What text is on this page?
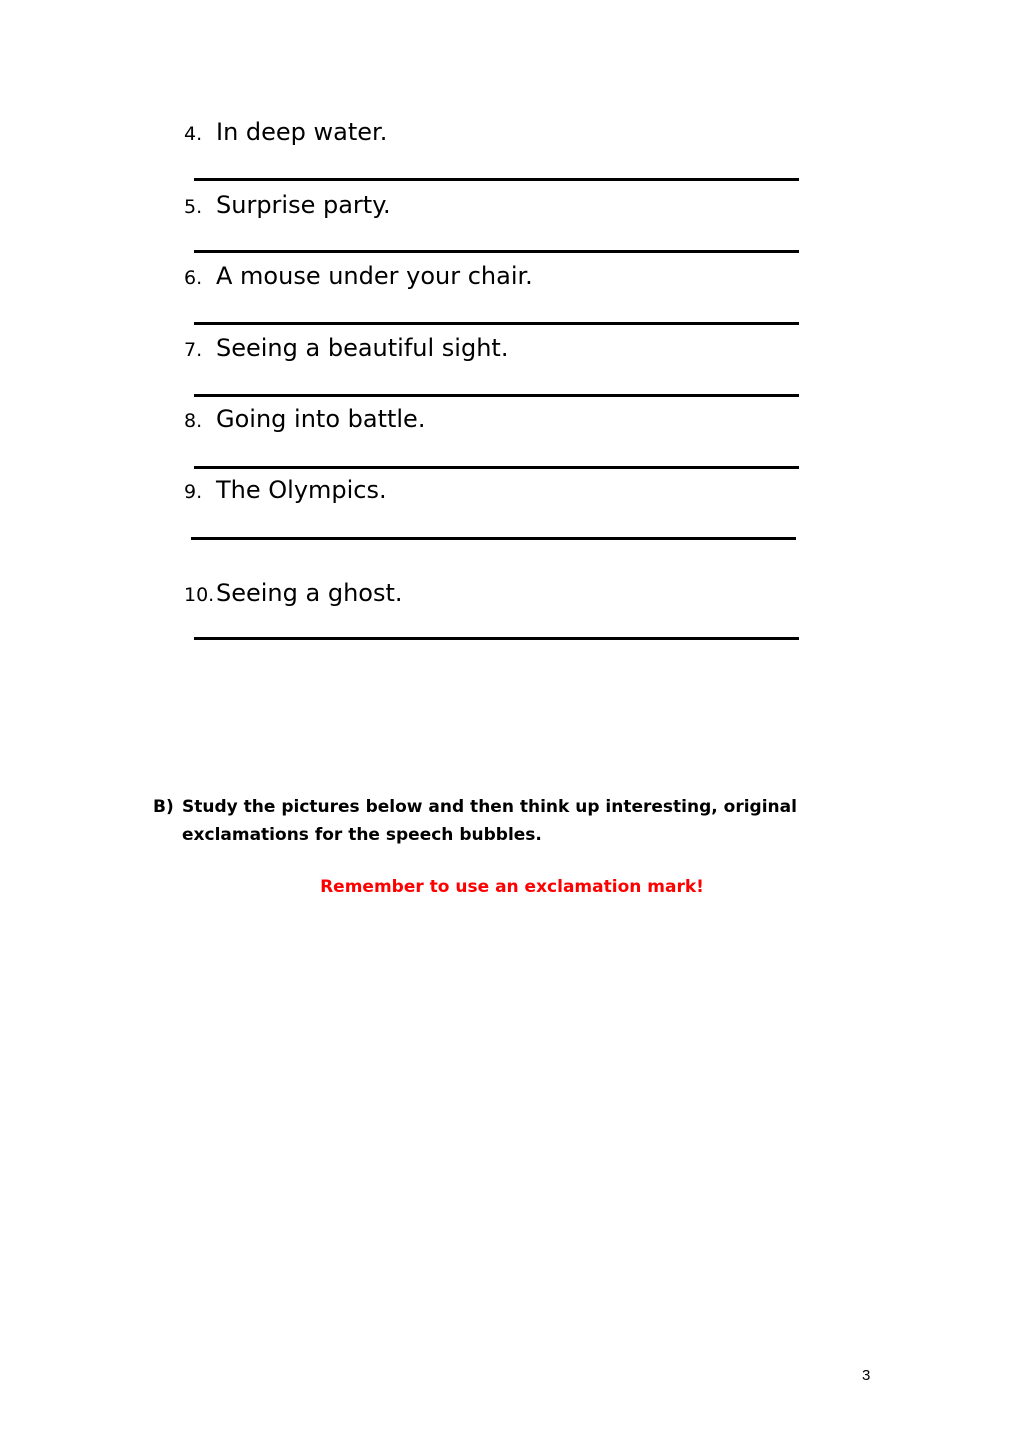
4. In deep water.
5. Surprise party.
6. A mouse under your chair.
7. Seeing a beautiful sight.
8. Going into battle.
9. The Olympics.
10. Seeing a ghost.
B) Study the pictures below and then think up interesting, original exclamations for the speech bubbles.
Remember to use an exclamation mark!
3
